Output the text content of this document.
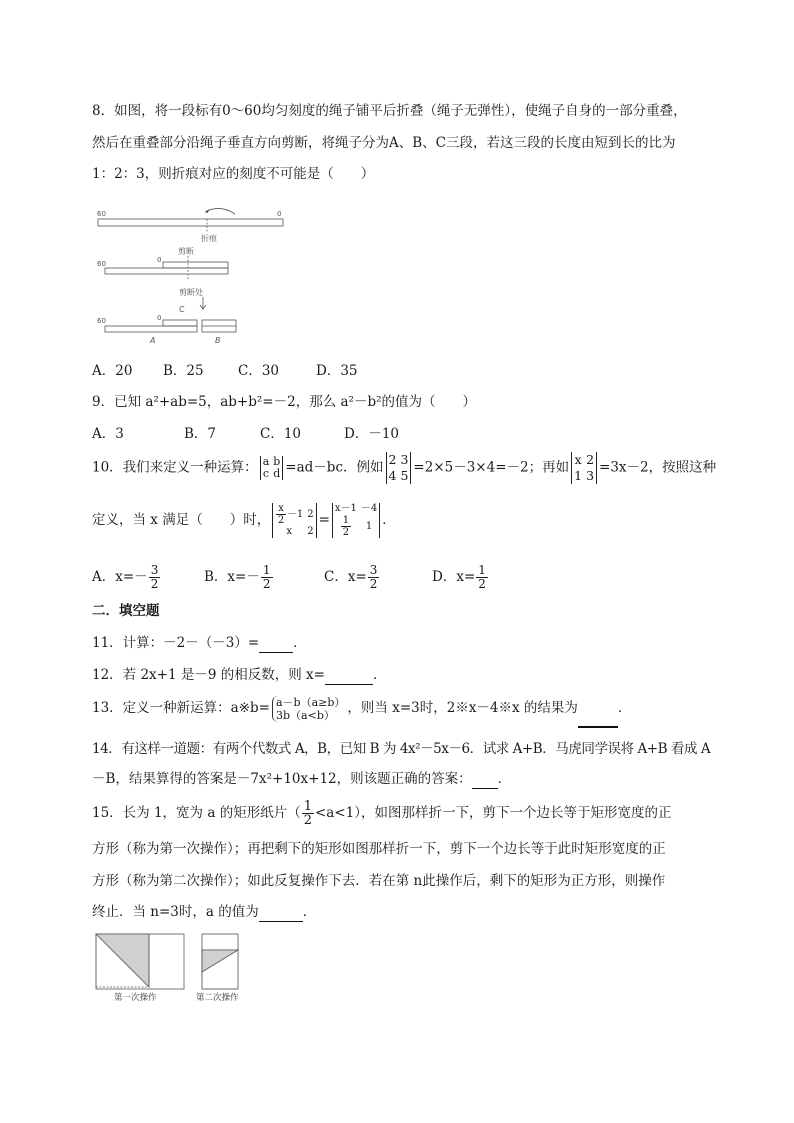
8．如图，将一段标有0～60均匀刻度的绳子铺平后折叠（绳子无弹性），使绳子自身的一部分重叠，
然后在重叠部分沿绳子垂直方向剪断，将绳子分为A、B、C三段，若这三段的长度由短到长的比为
1：2：3，则折痕对应的刻度不可能是（　　）
60	0
折痕
剪断
60	0
剪断处
C
60	0
A	B
A．20 B．25	C．30	D．35
9．已知 a²+ab=5，ab+b²=－2，那么 a²－b²的值为（　　）
A．3	B．7	C．10	D．－10
10．我们来定义一种运算： a	b
c	d =ad－bc．例如 2	3
4	5 =2×5－3×4=－2；再如 x	2
1	3 =3x－2，按照这种
定义，当 x 满足（　　）时， $\frac{x}{2} -1$	2
x	2=x－1	－4

$\frac{1}{2}$	1 ．
A．$x=- \frac{3}{2}$	B．$x=- \frac{1}{2}$	C．$x= \frac{3}{2}$	D．$x= \frac{1}{2}$
二．填空题
11．计算：－2－（－3）=	．
12．若 2x+1 是－9 的相反数，则 x=	．
13．定义一种新运算：a※b= a－b（a≥b）
3b（a<b） ，则当 x=3时，2※x－4※x 的结果为	．
14．有这样一道题：有两个代数式 A，B，已知 B 为 4x²－5x－6．试求 A+B．马虎同学误将 A+B 看成 A
－B，结果算得的答案是－7x²+10x+12，则该题正确的答案： ．
15．长为 1，宽为 a 的矩形纸片（ $\frac{1}{2} <a<1$），如图那样折一下，剪下一个边长等于矩形宽度的正
方形（称为第一次操作）；再把剩下的矩形如图那样折一下，剪下一个边长等于此时矩形宽度的正
方形（称为第二次操作）；如此反复操作下去．若在第 n此操作后，剩下的矩形为正方形，则操作
终止．当 n=3时，a 的值为	．
第一次操作	第二次操作
